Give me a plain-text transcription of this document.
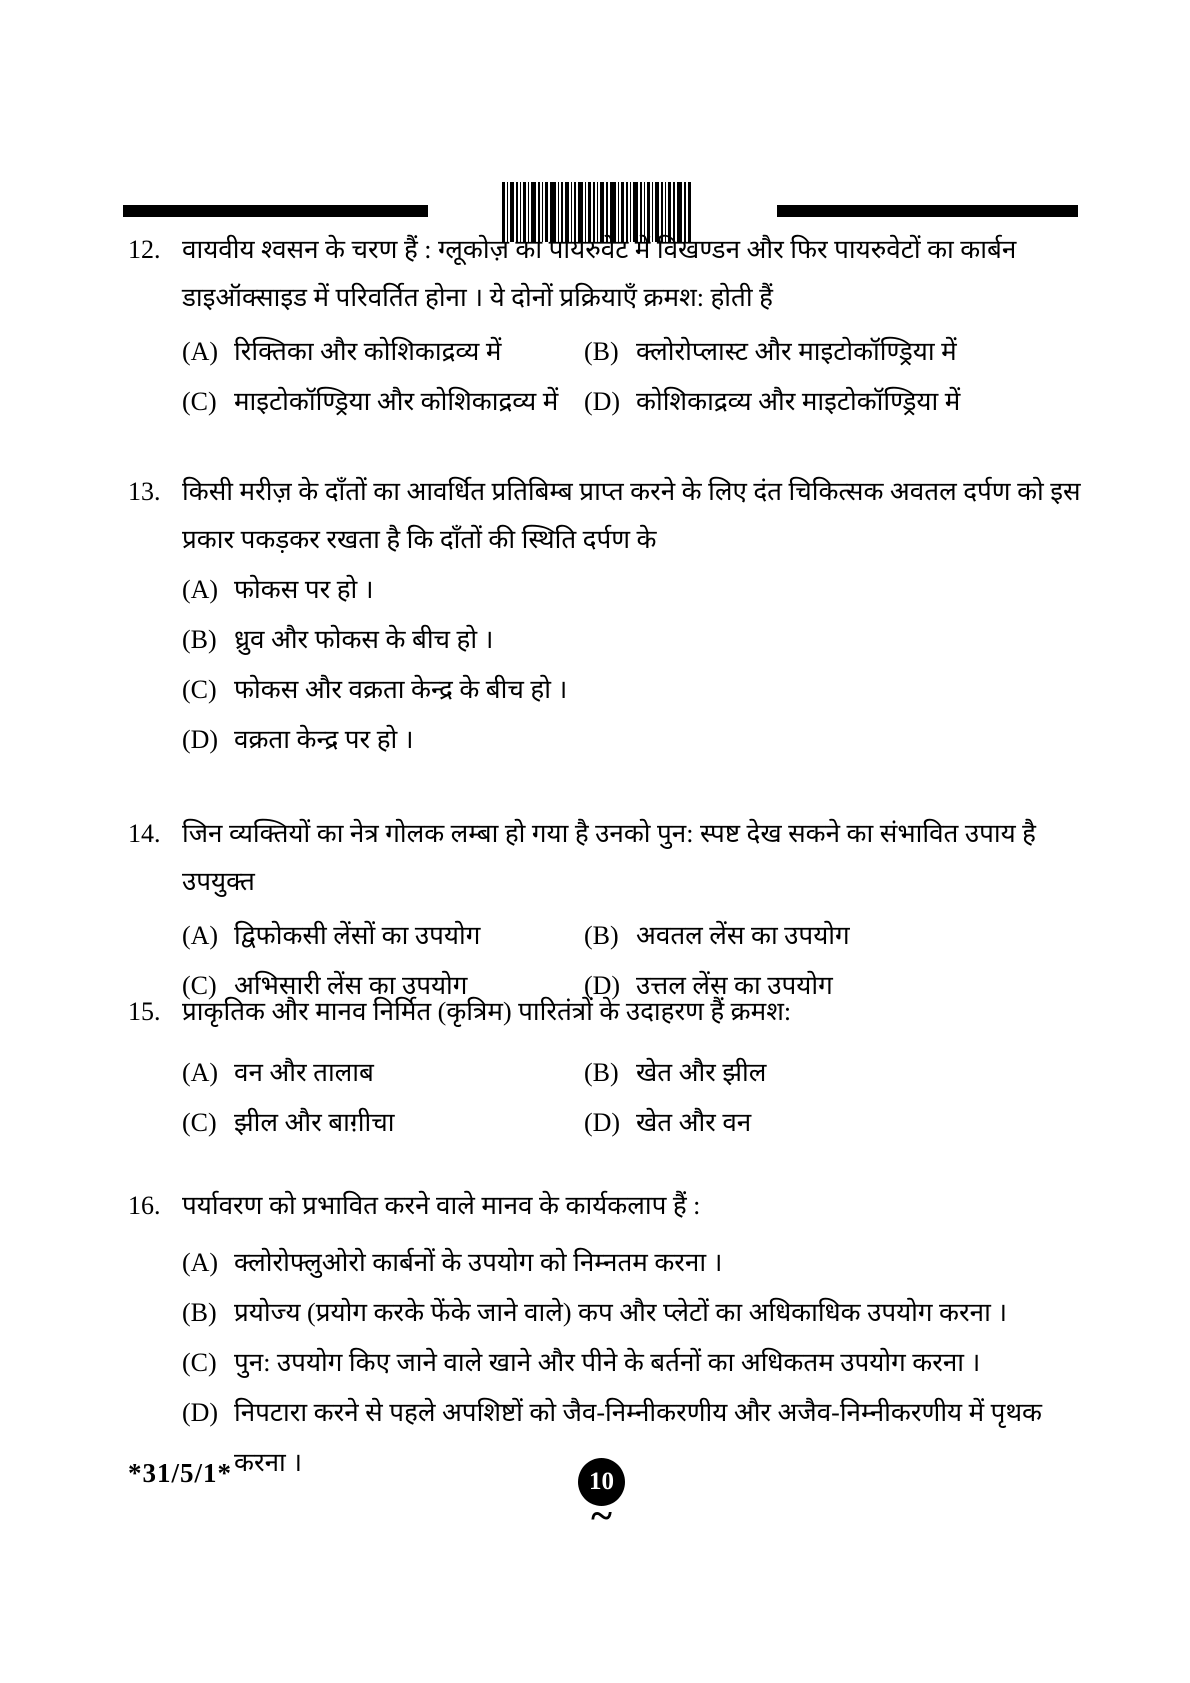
12. वायवीय श्वसन के चरण हैं : ग्लूकोज़ का पायरुवेट में विखण्डन और फिर पायरुवेटों का कार्बन डाइऑक्साइड में परिवर्तित होना । ये दोनों प्रक्रियाएँ क्रमश: होती हैं
(A) रिक्तिका और कोशिकाद्रव्य में	(B) क्लोरोप्लास्ट और माइटोकॉण्ड्रिया में
(C) माइटोकॉण्ड्रिया और कोशिकाद्रव्य में (D) कोशिकाद्रव्य और माइटोकॉण्ड्रिया में
13. किसी मरीज़ के दाँतों का आवर्धित प्रतिबिम्ब प्राप्त करने के लिए दंत चिकित्सक अवतल दर्पण को इस प्रकार पकड़कर रखता है कि दाँतों की स्थिति दर्पण के
(A) फोकस पर हो ।
(B) ध्रुव और फोकस के बीच हो ।
(C) फोकस और वक्रता केन्द्र के बीच हो ।
(D) वक्रता केन्द्र पर हो ।
14. जिन व्यक्तियों का नेत्र गोलक लम्बा हो गया है उनको पुन: स्पष्ट देख सकने का संभावित उपाय है उपयुक्त
(A) द्विफोकसी लेंसों का उपयोग	(B) अवतल लेंस का उपयोग
(C) अभिसारी लेंस का उपयोग	(D) उत्तल लेंस का उपयोग
15. प्राकृतिक और मानव निर्मित (कृत्रिम) पारितंत्रों के उदाहरण हैं क्रमश:
(A) वन और तालाब	(B) खेत और झील
(C) झील और बाग़ीचा	(D) खेत और वन
16. पर्यावरण को प्रभावित करने वाले मानव के कार्यकलाप हैं :
(A) क्लोरोफ्लुओरो कार्बनों के उपयोग को निम्नतम करना ।
(B) प्रयोज्य (प्रयोग करके फेंके जाने वाले) कप और प्लेटों का अधिकाधिक उपयोग करना ।
(C) पुन: उपयोग किए जाने वाले खाने और पीने के बर्तनों का अधिकतम उपयोग करना ।
(D) निपटारा करने से पहले अपशिष्टों को जैव-निम्नीकरणीय और अजैव-निम्नीकरणीय में पृथक करना ।
*31/5/1*	10
~
